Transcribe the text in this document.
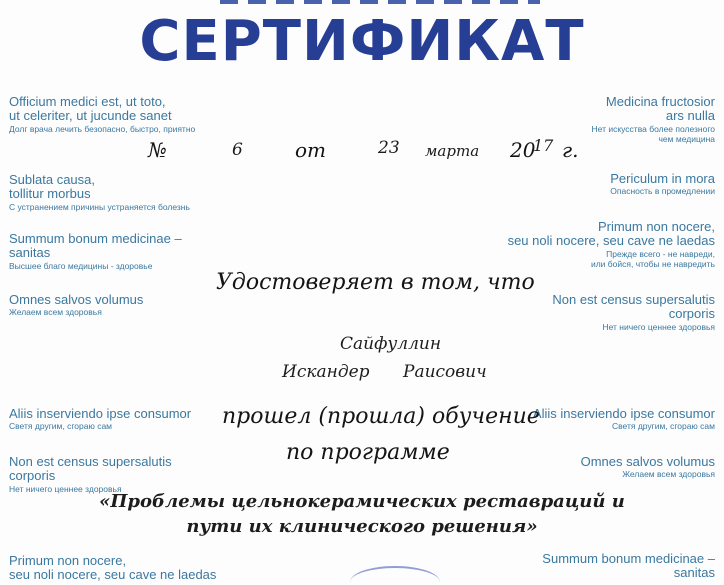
СЕРТИФИКАТ
Officium medici est, ut toto,
ut celeriter, ut jucunde sanet
Долг врача лечить безопасно, быстро, приятно
Sublata causa,
tollitur morbus
С устранением причины устраняется болезнь
Summum bonum medicinae –
sanitas
Высшее благо медицины - здоровье
Omnes salvos volumus
Желаем всем здоровья
Aliis inserviendo ipse consumor
Светя другим, сгораю сам
Non est census supersalutis
corporis
Нет ничего ценнее здоровья
Primum non nocere,
seu noli nocere, seu cave ne laedas
Medicina fructosior
ars nulla
Нет искусства более полезного
чем медицина
Periculum in mora
Опасность в промедлении
Primum non nocere,
seu noli nocere, seu cave ne laedas
Прежде всего - не навреди,
или бойся, чтобы не навредить
Non est census supersalutis
corporis
Нет ничего ценнее здоровья
Aliis inserviendo ipse consumor
Светя другим, сгораю сам
Omnes salvos volumus
Желаем всем здоровья
Summum bonum medicinae –
sanitas
№	6	от	23 марта 20
17 г.
Удостоверяет в том, что
Сайфуллин
Искандер Раисович
прошел (прошла) обучение
по программе
«Проблемы цельнокерамических реставраций и
пути их клинического решения»
